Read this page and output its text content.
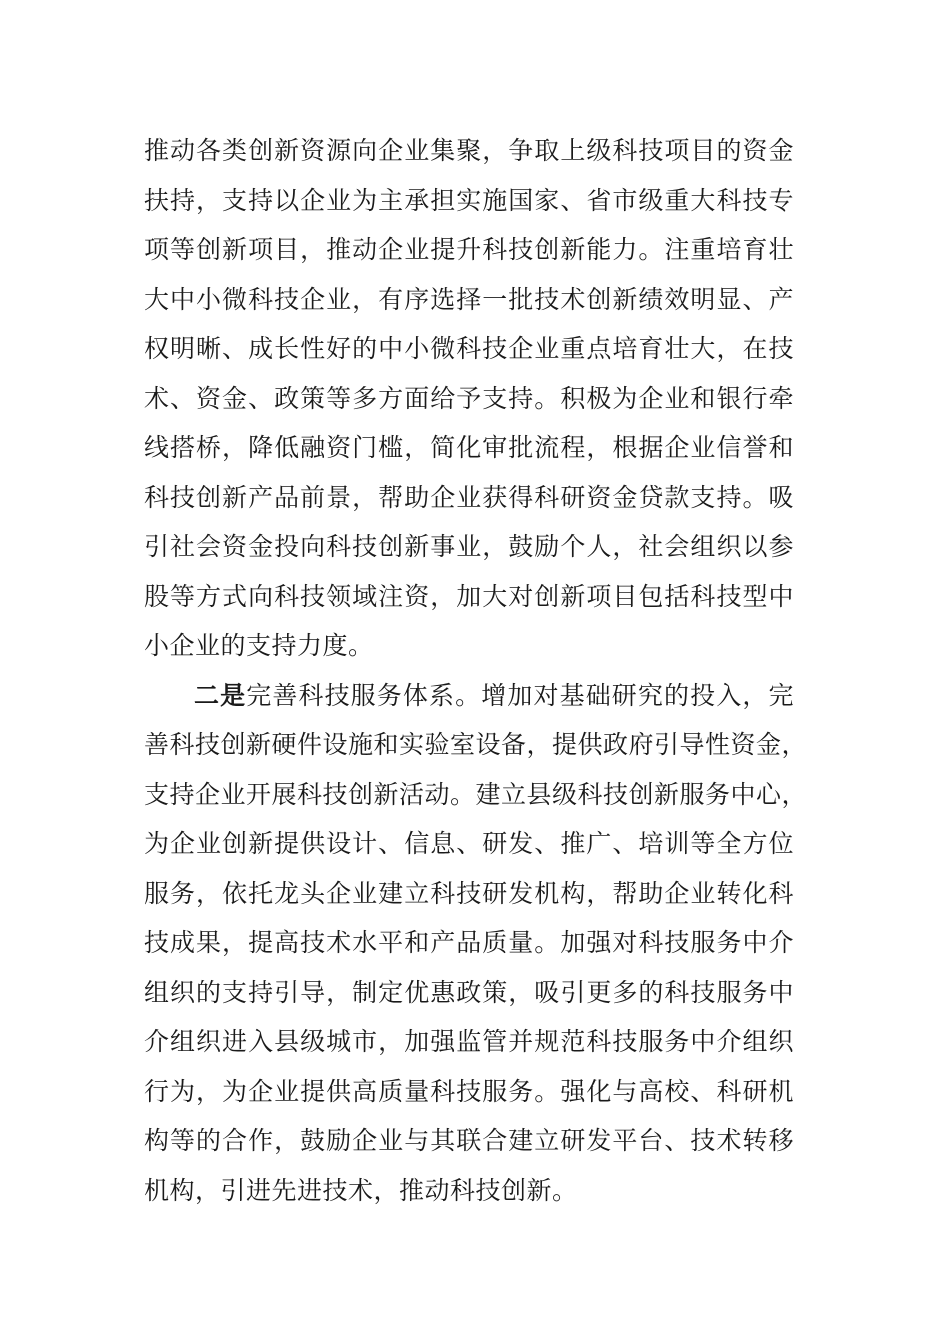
推动各类创新资源向企业集聚，争取上级科技项目的资金
扶持，支持以企业为主承担实施国家、省市级重大科技专
项等创新项目，推动企业提升科技创新能力。注重培育壮
大中小微科技企业，有序选择一批技术创新绩效明显、产
权明晰、成长性好的中小微科技企业重点培育壮大，在技
术、资金、政策等多方面给予支持。积极为企业和银行牵
线搭桥，降低融资门槛，简化审批流程，根据企业信誉和
科技创新产品前景，帮助企业获得科研资金贷款支持。吸
引社会资金投向科技创新事业，鼓励个人，社会组织以参
股等方式向科技领域注资，加大对创新项目包括科技型中
小企业的支持力度。
二是完善科技服务体系。增加对基础研究的投入，完
善科技创新硬件设施和实验室设备，提供政府引导性资金，
支持企业开展科技创新活动。建立县级科技创新服务中心，
为企业创新提供设计、信息、研发、推广、培训等全方位
服务，依托龙头企业建立科技研发机构，帮助企业转化科
技成果，提高技术水平和产品质量。加强对科技服务中介
组织的支持引导，制定优惠政策，吸引更多的科技服务中
介组织进入县级城市，加强监管并规范科技服务中介组织
行为，为企业提供高质量科技服务。强化与高校、科研机
构等的合作，鼓励企业与其联合建立研发平台、技术转移
机构，引进先进技术，推动科技创新。
